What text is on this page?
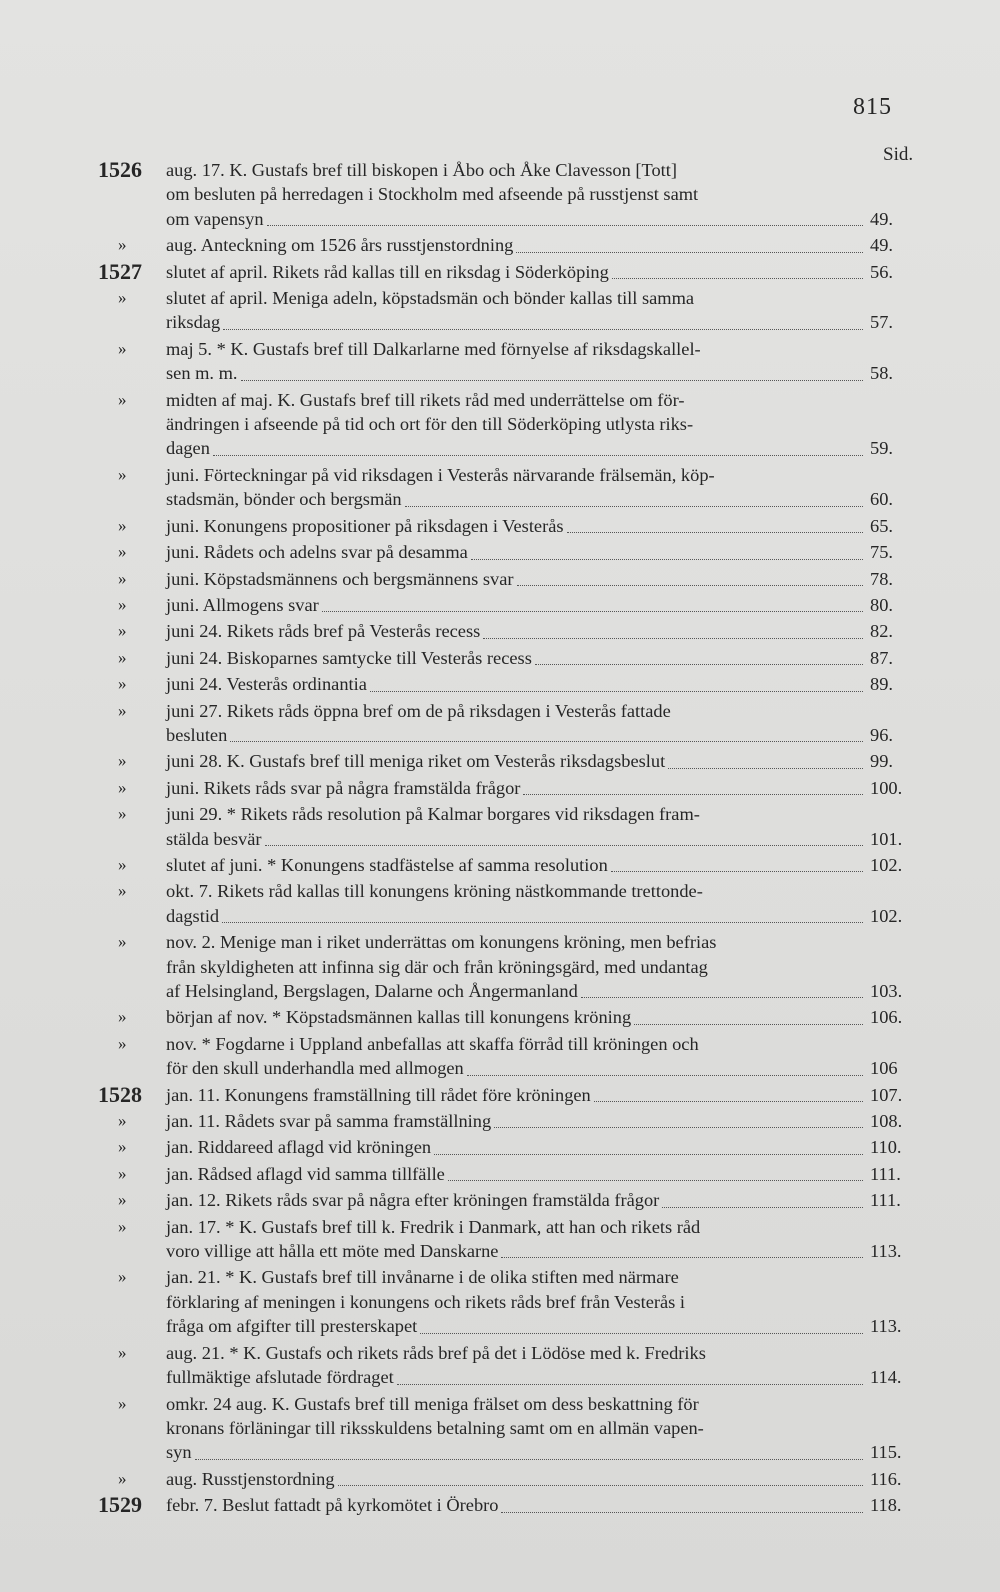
815
Sid.
1526 aug. 17. K. Gustafs bref till biskopen i Åbo och Åke Clavesson [Tott]
om besluten på herredagen i Stockholm med afseende på russtjenst samt
om vapensyn	49.
» aug. Anteckning om 1526 års russtjenstordning	49.
1527 slutet af april. Rikets råd kallas till en riksdag i Söderköping	56.
» slutet af april. Meniga adeln, köpstadsmän och bönder kallas till samma
riksdag	57.
» maj 5. * K. Gustafs bref till Dalkarlarne med förnyelse af riksdagskallel-
sen m. m.	58.
» midten af maj. K. Gustafs bref till rikets råd med underrättelse om för-
ändringen i afseende på tid och ort för den till Söderköping utlysta riks-
dagen	59.
» juni. Förteckningar på vid riksdagen i Vesterås närvarande frälsemän, köp-
stadsmän, bönder och bergsmän	60.
» juni. Konungens propositioner på riksdagen i Vesterås	65.
» juni. Rådets och adelns svar på desamma	75.
» juni. Köpstadsmännens och bergsmännens svar	78.
» juni. Allmogens svar	80.
» juni 24. Rikets råds bref på Vesterås recess	82.
» juni 24. Biskoparnes samtycke till Vesterås recess	87.
» juni 24. Vesterås ordinantia	89.
» juni 27. Rikets råds öppna bref om de på riksdagen i Vesterås fattade
besluten	96.
» juni 28. K. Gustafs bref till meniga riket om Vesterås riksdagsbeslut	99.
» juni. Rikets råds svar på några framstälda frågor	100.
» juni 29. * Rikets råds resolution på Kalmar borgares vid riksdagen fram-
stälda besvär	101.
» slutet af juni. * Konungens stadfästelse af samma resolution	102.
» okt. 7. Rikets råd kallas till konungens kröning nästkommande trettonde-
dagstid	102.
» nov. 2. Menige man i riket underrättas om konungens kröning, men befrias
från skyldigheten att infinna sig där och från kröningsgärd, med undantag
af Helsingland, Bergslagen, Dalarne och Ångermanland	103.
» början af nov. * Köpstadsmännen kallas till konungens kröning	106.
» nov. * Fogdarne i Uppland anbefallas att skaffa förråd till kröningen och
för den skull underhandla med allmogen	106
1528 jan. 11. Konungens framställning till rådet före kröningen	107.
» jan. 11. Rådets svar på samma framställning	108.
» jan. Riddareed aflagd vid kröningen	110.
» jan. Rådsed aflagd vid samma tillfälle	111.
» jan. 12. Rikets råds svar på några efter kröningen framstälda frågor	111.
» jan. 17. * K. Gustafs bref till k. Fredrik i Danmark, att han och rikets råd
voro villige att hålla ett möte med Danskarne	113.
» jan. 21. * K. Gustafs bref till invånarne i de olika stiften med närmare
förklaring af meningen i konungens och rikets råds bref från Vesterås i
fråga om afgifter till presterskapet	113.
» aug. 21. * K. Gustafs och rikets råds bref på det i Lödöse med k. Fredriks
fullmäktige afslutade fördraget	114.
» omkr. 24 aug. K. Gustafs bref till meniga frälset om dess beskattning för
kronans förläningar till riksskuldens betalning samt om en allmän vapen-
syn	115.
» aug. Russtjenstordning	116.
1529 febr. 7. Beslut fattadt på kyrkomötet i Örebro	118.
